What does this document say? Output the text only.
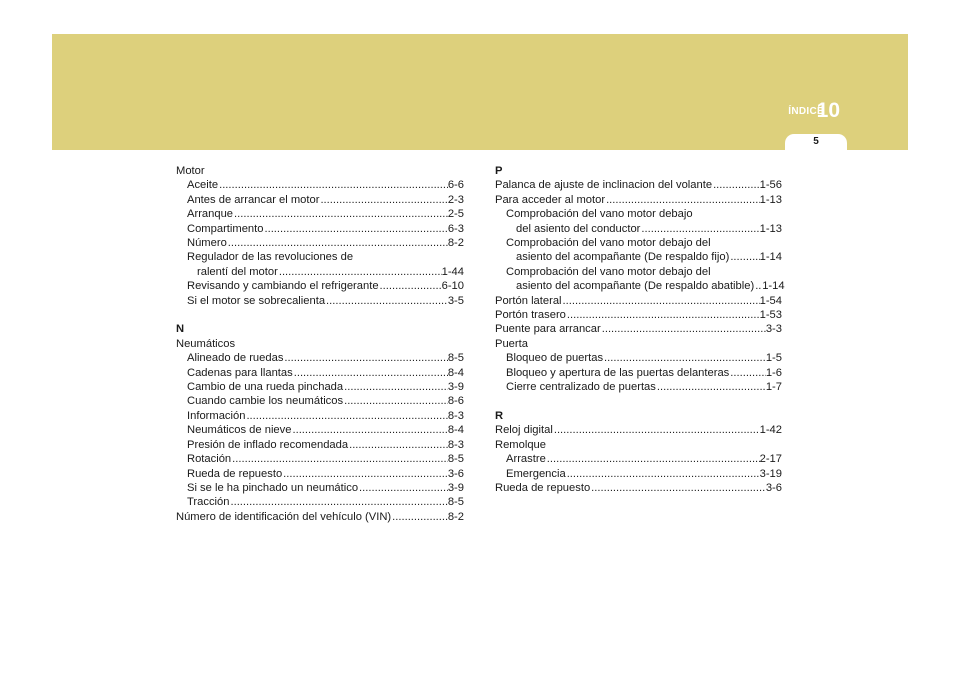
ÍNDICE
10
5
Motor
Aceite .....	6-6
Antes de arrancar el motor .....	2-3
Arranque .....	2-5
Compartimento .....	6-3
Número .....	8-2
Regulador de las revoluciones de
ralentí del motor .....	1-44
Revisando y cambiando el refrigerante .....	6-10
Si el motor se sobrecalienta .....	3-5
N
Neumáticos
Alineado de ruedas .....	8-5
Cadenas para llantas .....	8-4
Cambio de una rueda pinchada .....	3-9
Cuando cambie los neumáticos .....	8-6
Información .....	8-3
Neumáticos de nieve .....	8-4
Presión de inflado recomendada .....	8-3
Rotación .....	8-5
Rueda de repuesto .....	3-6
Si se le ha pinchado un neumático .....	3-9
Tracción .....	8-5
Número de identificación del vehículo (VIN) .....	8-2
P
Palanca de ajuste de inclinacion del volante .....	1-56
Para acceder al motor .....	1-13
Comprobación del vano motor debajo
del asiento del conductor .....	1-13
Comprobación del vano motor debajo del
asiento del acompañante (De respaldo fijo) .....	1-14
Comprobación del vano motor debajo del
asiento del acompañante (De respaldo abatible) ..... 1-14
Portón lateral .....	1-54
Portón trasero .....	1-53
Puente para arrancar .....	3-3
Puerta
Bloqueo de puertas .....	1-5
Bloqueo y apertura de las puertas delanteras .....	1-6
Cierre centralizado de puertas .....	1-7
R
Reloj digital .....	1-42
Remolque
Arrastre .....	2-17
Emergencia .....	3-19
Rueda de repuesto .....	3-6
